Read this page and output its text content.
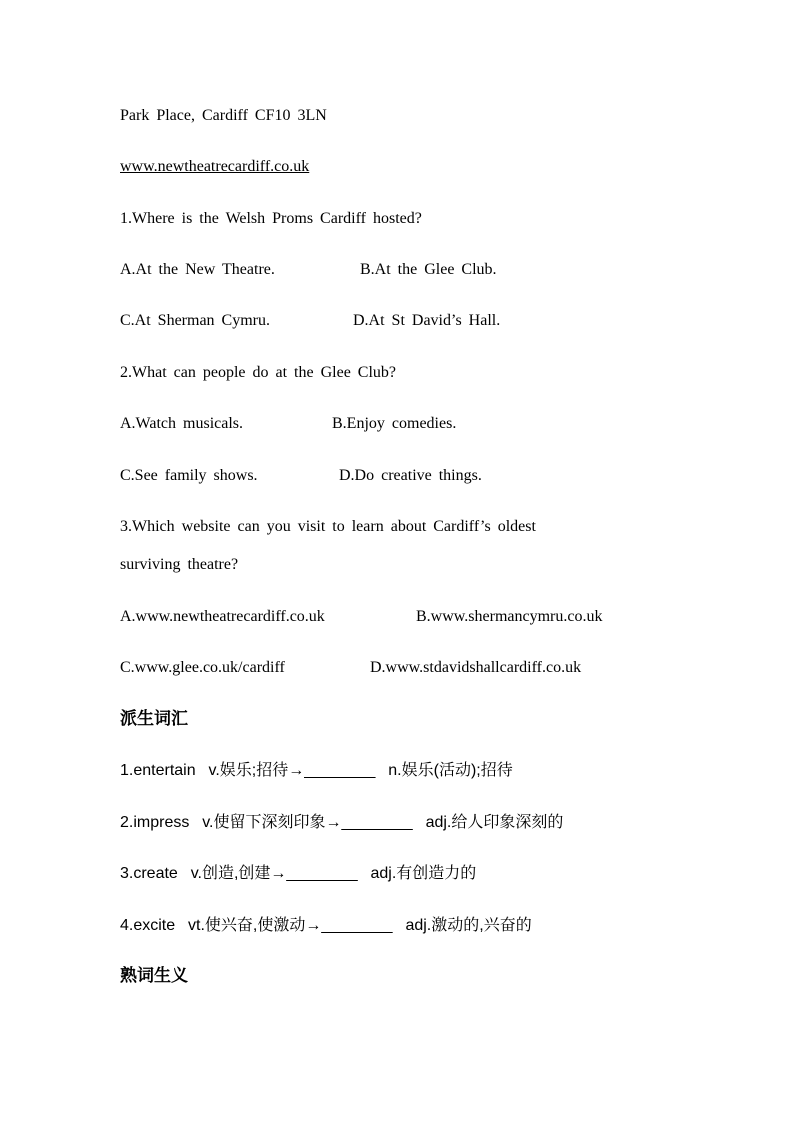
Park Place, Cardiff CF10 3LN
www.newtheatrecardiff.co.uk
1.Where is the Welsh Proms Cardiff hosted?
A.At the New Theatre.	B.At the Glee Club.
C.At Sherman Cymru.	D.At St David’s Hall.
2.What can people do at the Glee Club?
A.Watch musicals.	B.Enjoy comedies.
C.See family shows.	D.Do creative things.
3.Which website can you visit to learn about Cardiff’s oldest
surviving theatre?
A.www.newtheatrecardiff.co.uk	B.www.shermancymru.co.uk
C.www.glee.co.uk/cardiff	D.www.stdavidshallcardiff.co.uk
派生词汇
1.entertain  v.娱乐;招待→________  n.娱乐(活动);招待
2.impress  v.使留下深刻印象→________  adj.给人印象深刻的
3.create  v.创造,创建→________  adj.有创造力的
4.excite  vt.使兴奋,使激动→________  adj.激动的,兴奋的
熟词生义
